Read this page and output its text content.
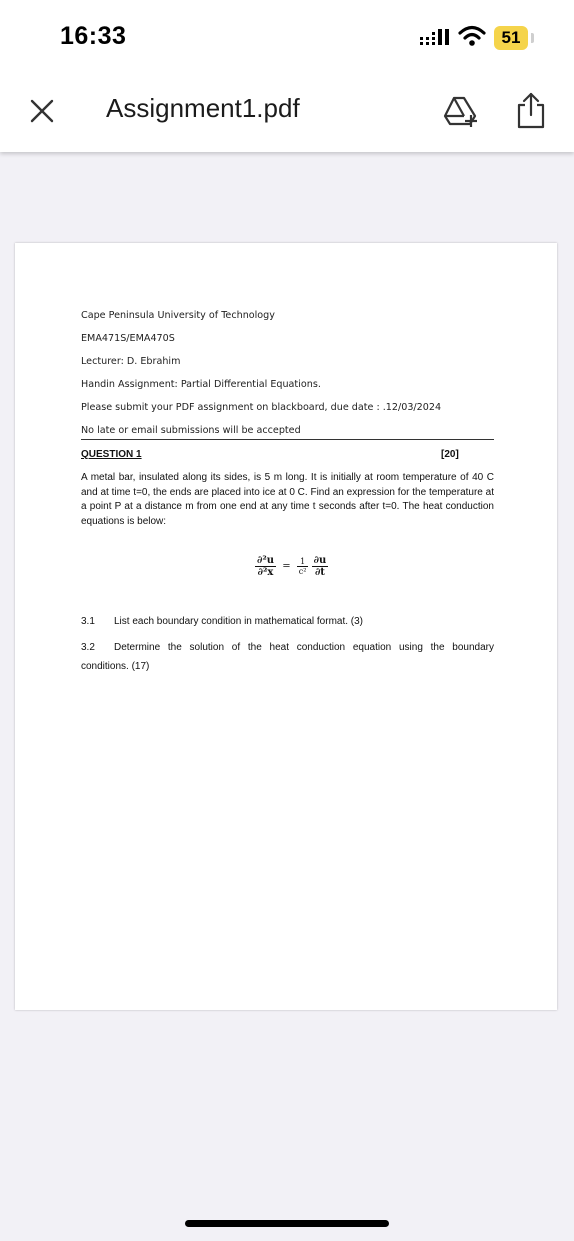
16:33	51
Assignment1.pdf
Cape Peninsula University of Technology
EMA471S/EMA470S
Lecturer: D. Ebrahim
Handin Assignment: Partial Differential Equations.
Please submit your PDF assignment on blackboard, due date : .12/03/2024
No late or email submissions will be accepted
QUESTION 1	[20]
A metal bar, insulated along its sides, is 5 m long. It is initially at room temperature of 40 C and at time t=0, the ends are placed into ice at 0 C. Find an expression for the temperature at a point P at a distance m from one end at any time t seconds after t=0. The heat conduction equations is below:
$\frac{\text{∂²u}}{\text{∂²x}} = \frac{1}{\text{c²}}$
$\frac{\partial u}{\partial t}$
3.1 List each boundary condition in mathematical format. (3)
3.2 Determine the solution of the heat conduction equation using the boundary conditions. (17)
